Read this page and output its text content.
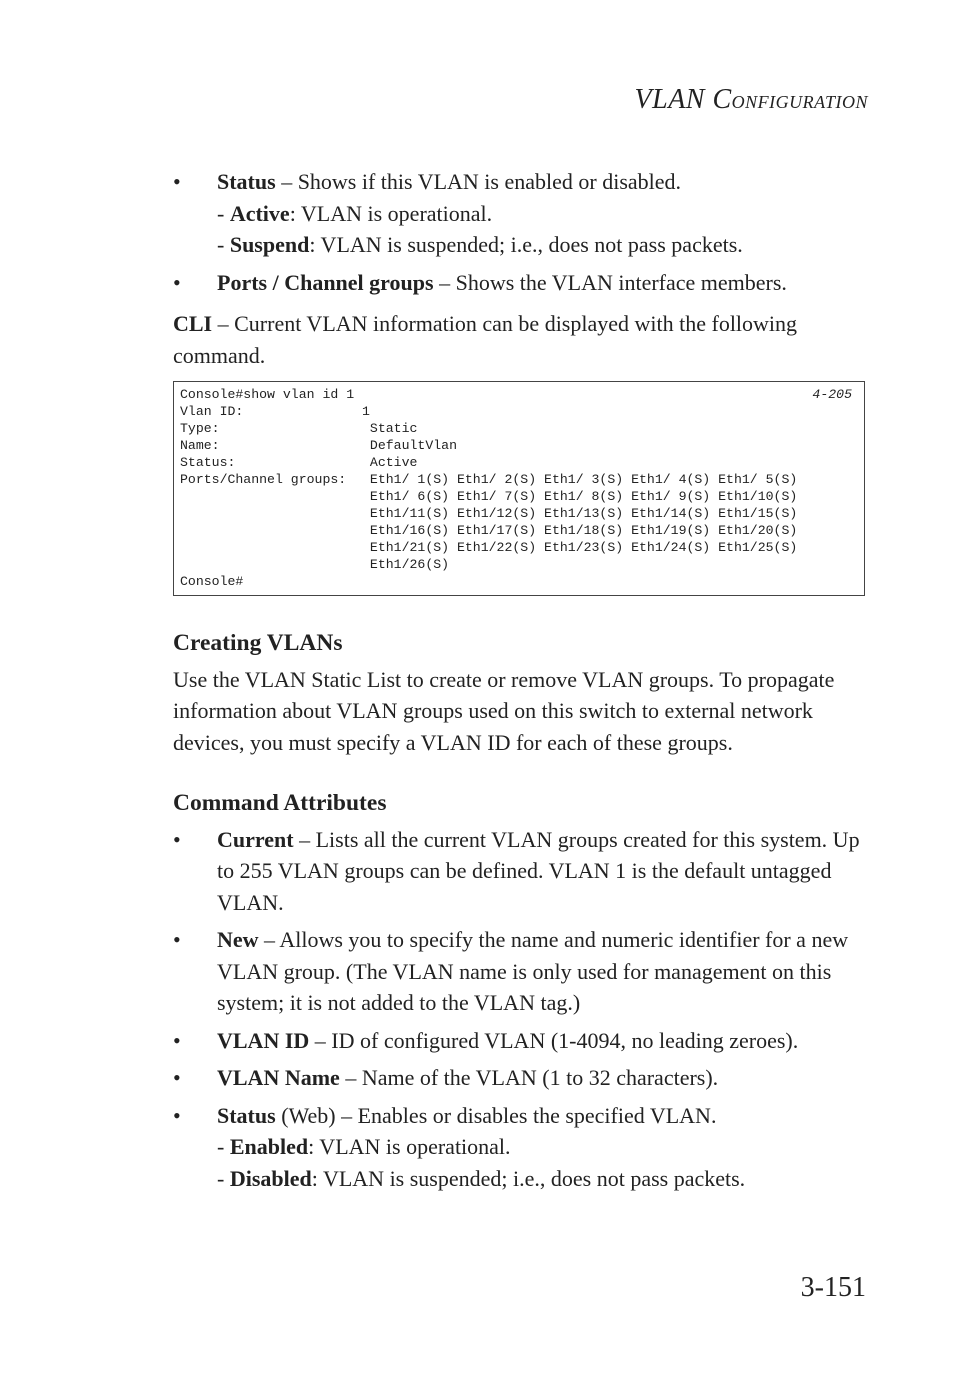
VLAN CONFIGURATION
• Status – Shows if this VLAN is enabled or disabled.
- Active: VLAN is operational.
- Suspend: VLAN is suspended; i.e., does not pass packets.
• Ports / Channel groups – Shows the VLAN interface members.

CLI – Current VLAN information can be displayed with the following command.

4-205
Console#show vlan id 1
Vlan ID:               1
Type:                   Static
Name:                   DefaultVlan
Status:                 Active
Ports/Channel groups:   Eth1/ 1(S) Eth1/ 2(S) Eth1/ 3(S) Eth1/ 4(S) Eth1/ 5(S)
Eth1/ 6(S) Eth1/ 7(S) Eth1/ 8(S) Eth1/ 9(S) Eth1/10(S)
Eth1/11(S) Eth1/12(S) Eth1/13(S) Eth1/14(S) Eth1/15(S)
Eth1/16(S) Eth1/17(S) Eth1/18(S) Eth1/19(S) Eth1/20(S)
Eth1/21(S) Eth1/22(S) Eth1/23(S) Eth1/24(S) Eth1/25(S)
Eth1/26(S)
Console#
Creating VLANs

Use the VLAN Static List to create or remove VLAN groups. To propagate information about VLAN groups used on this switch to external network devices, you must specify a VLAN ID for each of these groups.

Command Attributes
• Current – Lists all the current VLAN groups created for this system. Up to 255 VLAN groups can be defined. VLAN 1 is the default untagged VLAN.
• New – Allows you to specify the name and numeric identifier for a new VLAN group. (The VLAN name is only used for management on this system; it is not added to the VLAN tag.)
• VLAN ID – ID of configured VLAN (1-4094, no leading zeroes).
• VLAN Name – Name of the VLAN (1 to 32 characters).
• Status (Web) – Enables or disables the specified VLAN.
- Enabled: VLAN is operational.
- Disabled: VLAN is suspended; i.e., does not pass packets.
3-151
